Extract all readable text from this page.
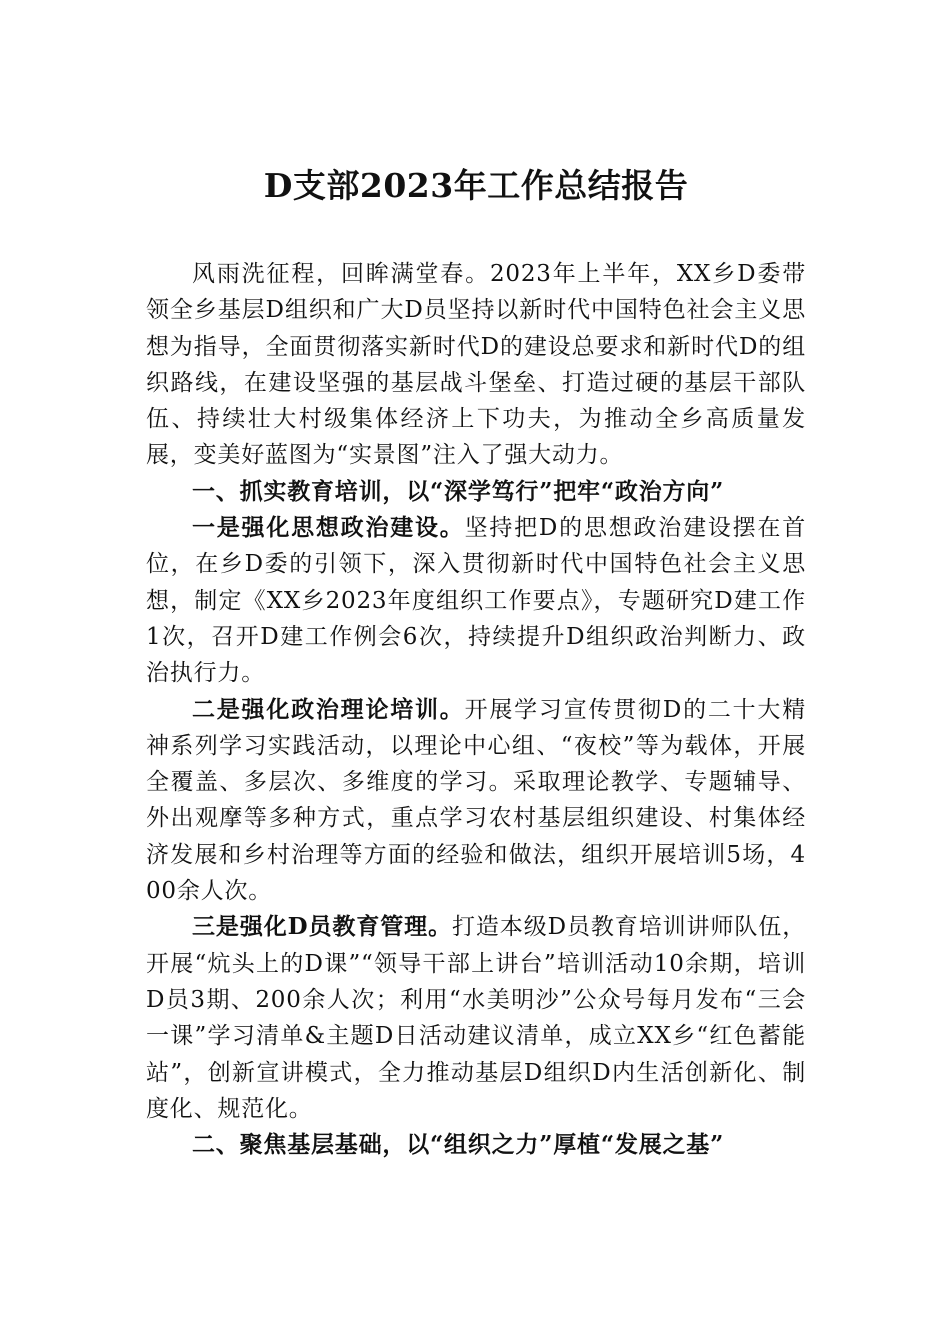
D支部2023年工作总结报告

风雨洗征程，回眸满堂春。2023年上半年，XX乡D委带领全乡基层D组织和广大D员坚持以新时代中国特色社会主义思想为指导，全面贯彻落实新时代D的建设总要求和新时代D的组织路线，在建设坚强的基层战斗堡垒、打造过硬的基层干部队伍、持续壮大村级集体经济上下功夫，为推动全乡高质量发展，变美好蓝图为“实景图”注入了强大动力。

一、抓实教育培训，以“深学笃行”把牢“政治方向”

一是强化思想政治建设。坚持把D的思想政治建设摆在首位，在乡D委的引领下，深入贯彻新时代中国特色社会主义思想，制定《XX乡2023年度组织工作要点》，专题研究D建工作1次，召开D建工作例会6次，持续提升D组织政治判断力、政治执行力。

二是强化政治理论培训。开展学习宣传贯彻D的二十大精神系列学习实践活动，以理论中心组、“夜校”等为载体，开展全覆盖、多层次、多维度的学习。采取理论教学、专题辅导、外出观摩等多种方式，重点学习农村基层组织建设、村集体经济发展和乡村治理等方面的经验和做法，组织开展培训5场，400余人次。

三是强化D员教育管理。打造本级D员教育培训讲师队伍，开展“炕头上的D课”“领导干部上讲台”培训活动10余期，培训D员3期、200余人次；利用“水美明沙”公众号每月发布“三会一课”学习清单&主题D日活动建议清单，成立XX乡“红色蓄能站”，创新宣讲模式，全力推动基层D组织D内生活创新化、制度化、规范化。

二、聚焦基层基础，以“组织之力”厚植“发展之基”
